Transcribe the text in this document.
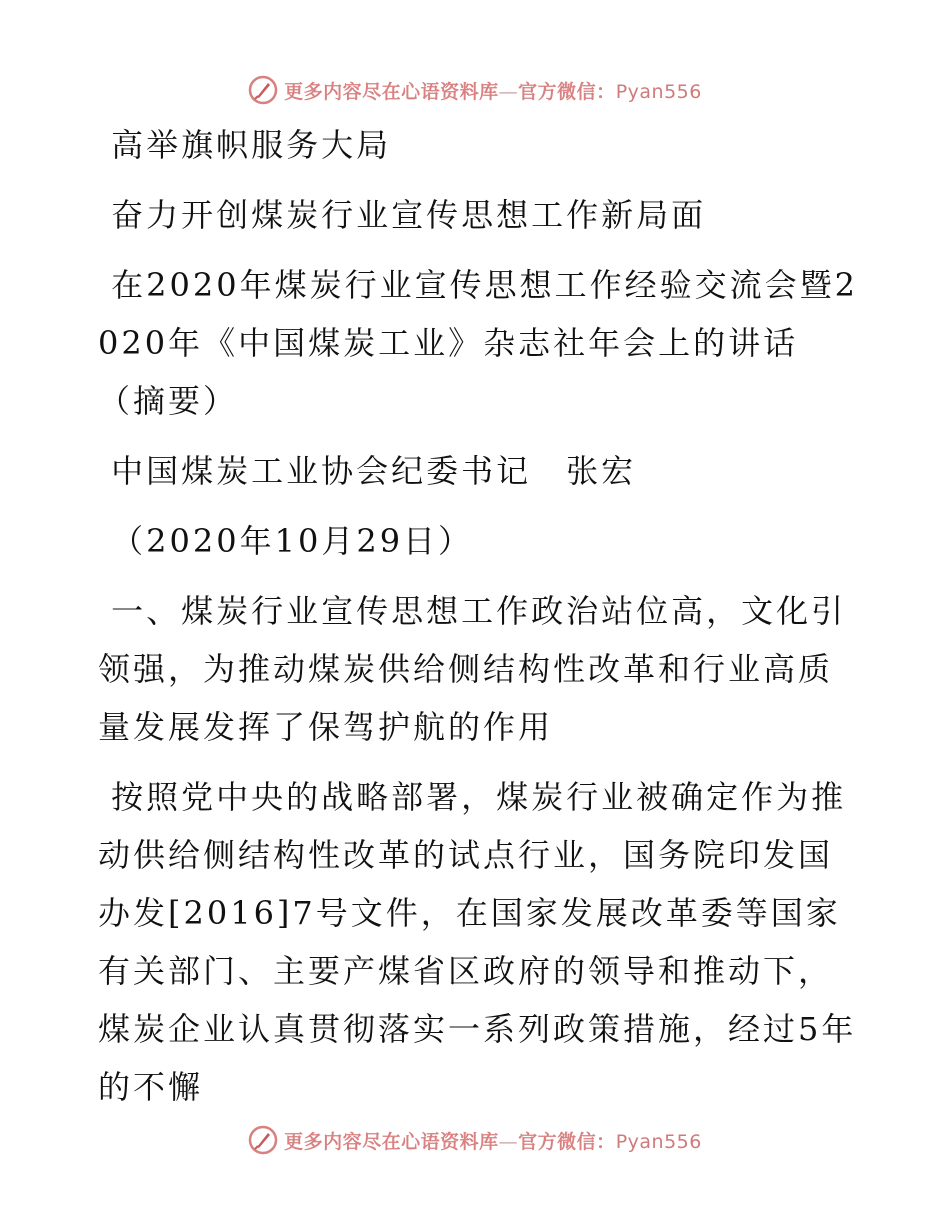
更多内容尽在心语资料库—官方微信：Pyan556

高举旗帜服务大局

奋力开创煤炭行业宣传思想工作新局面

在2020年煤炭行业宣传思想工作经验交流会暨2020年《中国煤炭工业》杂志社年会上的讲话（摘要）

中国煤炭工业协会纪委书记　张宏

（2020年10月29日）

一、煤炭行业宣传思想工作政治站位高，文化引领强，为推动煤炭供给侧结构性改革和行业高质量发展发挥了保驾护航的作用

按照党中央的战略部署，煤炭行业被确定作为推动供给侧结构性改革的试点行业，国务院印发国办发[2016]7号文件，在国家发展改革委等国家有关部门、主要产煤省区政府的领导和推动下，煤炭企业认真贯彻落实一系列政策措施，经过5年的不懈

更多内容尽在心语资料库—官方微信：Pyan556
